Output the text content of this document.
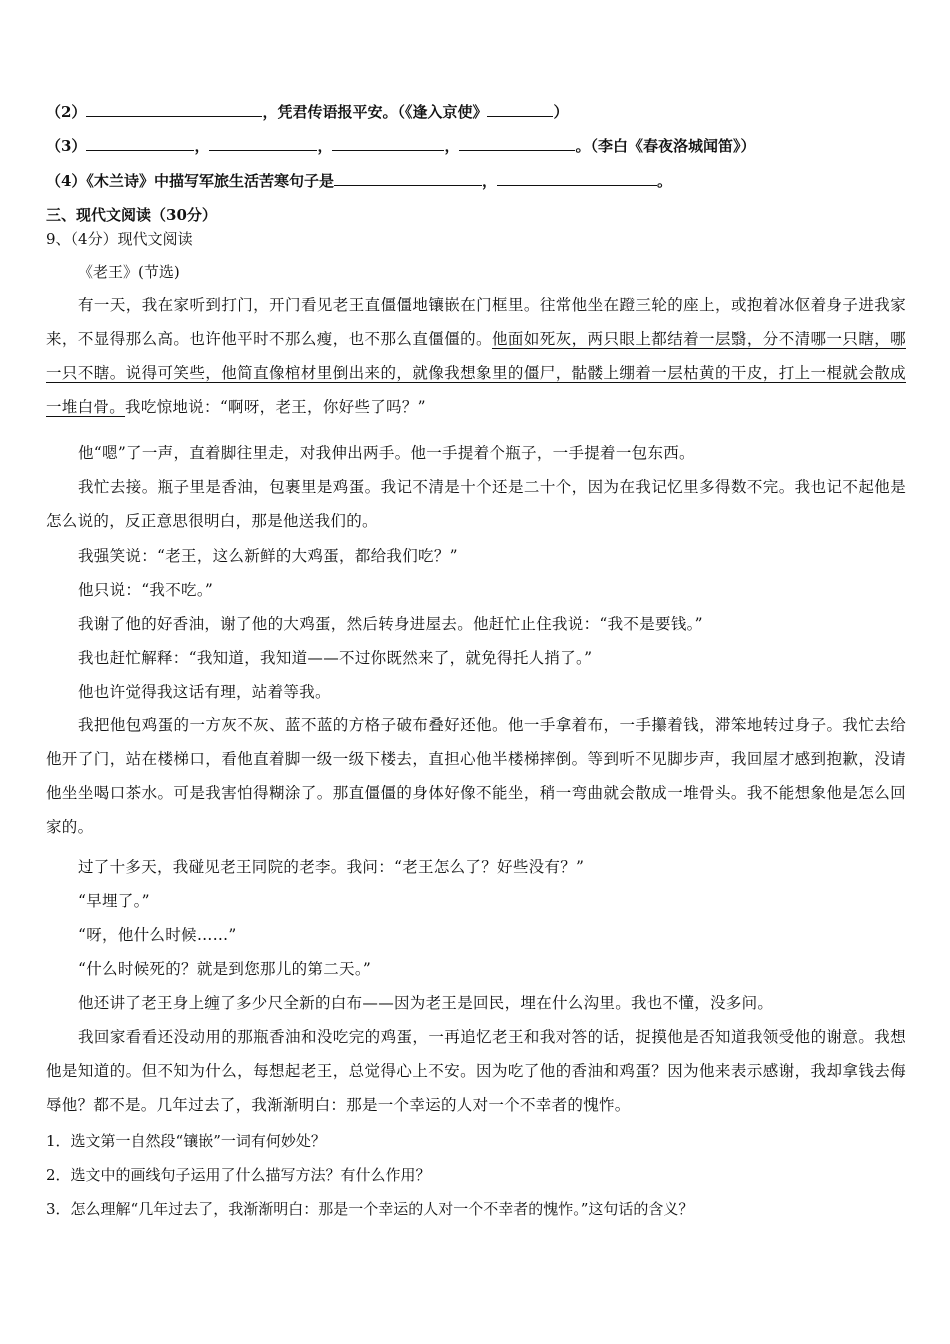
（2）	，凭君传语报平安。（《逢入京使》	）
（3）	，	，	，	。（李白《春夜洛城闻笛》）
（4）《木兰诗》中描写军旅生活苦寒句子是	，	。
三、现代文阅读（30分）
9、（4分）现代文阅读
《老王》(节选)
有一天，我在家听到打门，开门看见老王直僵僵地镶嵌在门框里。往常他坐在蹬三轮的座上，或抱着冰伛着身子进我家来，不显得那么高。也许他平时不那么瘦，也不那么直僵僵的。他面如死灰，两只眼上都结着一层翳，分不清哪一只瞎，哪一只不瞎。说得可笑些，他简直像棺材里倒出来的，就像我想象里的僵尸，骷髅上绷着一层枯黄的干皮，打上一棍就会散成一堆白骨。我吃惊地说：“啊呀，老王，你好些了吗？”
他“嗯”了一声，直着脚往里走，对我伸出两手。他一手提着个瓶子，一手提着一包东西。
我忙去接。瓶子里是香油，包裹里是鸡蛋。我记不清是十个还是二十个，因为在我记忆里多得数不完。我也记不起他是怎么说的，反正意思很明白，那是他送我们的。
我强笑说：“老王，这么新鲜的大鸡蛋，都给我们吃？”
他只说：“我不吃。”
我谢了他的好香油，谢了他的大鸡蛋，然后转身进屋去。他赶忙止住我说：“我不是要钱。”
我也赶忙解释：“我知道，我知道——不过你既然来了，就免得托人捎了。”
他也许觉得我这话有理，站着等我。
我把他包鸡蛋的一方灰不灰、蓝不蓝的方格子破布叠好还他。他一手拿着布，一手攥着钱，滞笨地转过身子。我忙去给他开了门，站在楼梯口，看他直着脚一级一级下楼去，直担心他半楼梯摔倒。等到听不见脚步声，我回屋才感到抱歉，没请他坐坐喝口茶水。可是我害怕得糊涂了。那直僵僵的身体好像不能坐，稍一弯曲就会散成一堆骨头。我不能想象他是怎么回家的。
过了十多天，我碰见老王同院的老李。我问：“老王怎么了？好些没有？”
“早埋了。”
“呀，他什么时候……”
“什么时候死的？就是到您那儿的第二天。”
他还讲了老王身上缠了多少尺全新的白布——因为老王是回民，埋在什么沟里。我也不懂，没多问。
我回家看看还没动用的那瓶香油和没吃完的鸡蛋，一再追忆老王和我对答的话，捉摸他是否知道我领受他的谢意。我想他是知道的。但不知为什么，每想起老王，总觉得心上不安。因为吃了他的香油和鸡蛋？因为他来表示感谢，我却拿钱去侮辱他？都不是。几年过去了，我渐渐明白：那是一个幸运的人对一个不幸者的愧怍。
1．选文第一自然段“镶嵌”一词有何妙处？
2．选文中的画线句子运用了什么描写方法？有什么作用？
3．怎么理解“几年过去了，我渐渐明白：那是一个幸运的人对一个不幸者的愧怍。”这句话的含义？
